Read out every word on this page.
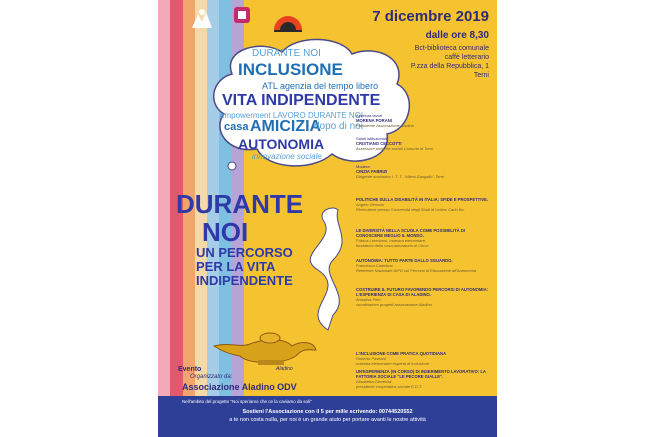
7 dicembre 2019
dalle ore 8,30
Bct-biblioteca comunale
caffè letterario
P.zza della Repubblica, 1
Terni
DURANTE NOI
INCLUSIONE
ATL agenzia del tempo libero
VITA INDIPENDENTE
empowerment LAVORO DURANTE NOI
casa AMICIZIA
dopo di noi
AUTONOMIA
innovazione sociale
DURANTE
NOI
UN PERCORSO
PER LA VITA
INDIPENDENTE
Apertura lavori
MORENA PORANI
Presidente Associazione Aladino
Saluti istituzionali
CRISTIANO CECCOTTI
Assessore politiche sociali Comune di Terni
Modera
CINZIA FABRIZI
Dirigente scolastico I. T. T. "Allievi-Sangallo"-Terni
POLITICHE SULLA DISABILITÀ IN ITALIA: SFIDE E PROSPETTIVE.
Angelo Genova
Ricercatore presso l'Università degli Studi di Urbino Carlo Bo.
LE DIVERSITÀ NELLA SCUOLA COME POSSIBILITÀ DI CONOSCERE MEGLIO IL MONDO.
Franca Lorenzoni, maestra elementare,
fondatrice della casa-laboratorio di Cenci
AUTONOMIA: TUTTO PARTE DALLO SGUARDO.
Francesca Cadelano
Referente Nazionale AIPD sui Percorsi di Educazione all'Autonomia
COSTRUIRE IL FUTURO FAVORENDO PERCORSI DI AUTONOMIA: L'ESPERIENZA DI CASA DI ALADINO.
Annalisa Pieri
coordinatrice progetti associazione Aladino
L'INCLUSIONE COME PRATICA QUOTIDIANA
Roberto Paseani
maestra elementare esperta di inclusione
UN'ESPERIENZA (IN CORSO) DI INSERIMENTO LAVORATIVO: LA FATTORIA SOCIALE "LE PECORE GIALLE".
Elisabetta Giovenali
presidente cooperativa sociale E.D.T.
Sostieni l'Associazione con il 5 per mille scrivendo: 00744520552
a te non costa nulla, per noi è un grande aiuto per portare avanti le nostre attività
Evento
Organizzato da:
Associazione Aladino ODV
Nell'ambito del progetto "Noi speriamo che ce la caviamo da soli"
Aladino
